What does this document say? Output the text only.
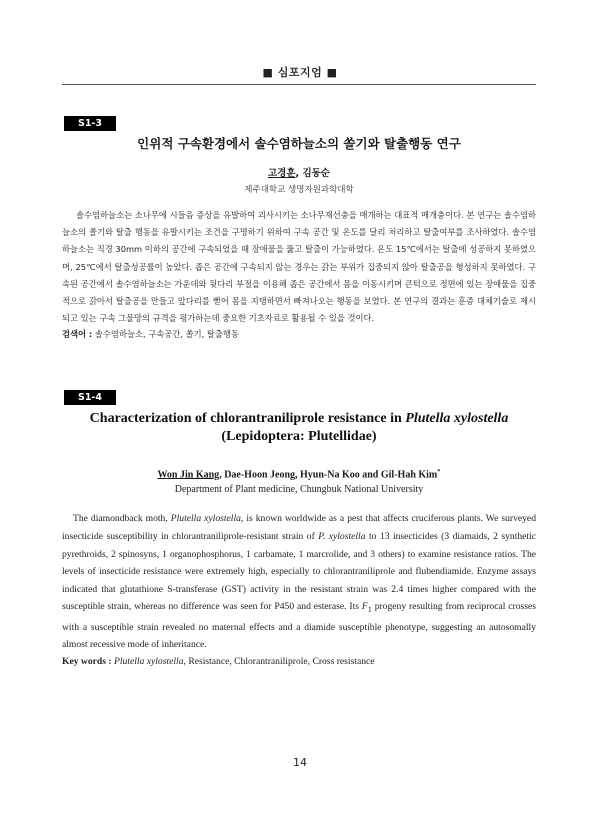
■ 심포지엄 ■
S1-3
인위적 구속환경에서 솔수염하늘소의 쏠기와 탈출행동 연구
고경훈, 김동순
제주대학교 생명자원과학대학
솔수염하늘소는 소나무에 시들음 증상을 유발하여 괴사시키는 소나무재선충을 매개하는 대표적 매개충이다. 본 연구는 솔수염하늘소의 쏠기와 탈출 행동을 유발시키는 조건을 구명하기 위하여 구속 공간 및 온도를 달리 처리하고 탈출여부를 조사하였다. 솔수염하늘소는 직경 30mm 이하의 공간에 구속되었을 때 장애물을 뚫고 탈출이 가능하였다. 온도 15℃에서는 탈출에 성공하지 못하였으며, 25℃에서 탈출성공률이 높았다. 좁은 공간에 구속되지 않는 경우는 갉는 부위가 집중되지 않아 탈출공을 형성하지 못하였다. 구속된 공간에서 솔수염하늘소는 가운데와 뒷다리 부절을 이용해 좁은 공간에서 몸을 이동시키며 큰턱으로 정면에 있는 장애물을 집중적으로 갉아서 탈출공을 만들고 앞다리를 뻗어 몸을 지탱하면서 빠져나오는 행동을 보였다. 본 연구의 결과는 훈증 대체기술로 제시되고 있는 구속 그물망의 규격을 평가하는데 중요한 기초자료로 활용될 수 있을 것이다.
검색어 : 솔수염하늘소, 구속공간, 쏠기, 탈출행동
S1-4
Characterization of chlorantraniliprole resistance in Plutella xylostella
(Lepidoptera: Plutellidae)
Won Jin Kang, Dae-Hoon Jeong, Hyun-Na Koo and Gil-Hah Kim*
Department of Plant medicine, Chungbuk National University
The diamondback moth, Plutella xylostella, is known worldwide as a pest that affects cruciferous plants. We surveyed insecticide susceptibility in chlorantraniliprole-resistant strain of P. xylostella to 13 insecticides (3 diamaids, 2 synthetic pyrethroids, 2 spinosyns, 1 organophosphorus, 1 carbamate, 1 marcrolide, and 3 others) to examine resistance ratios. The levels of insecticide resistance were extremely high, especially to chlorantraniliprole and flubendiamide. Enzyme assays indicated that glutathione S-transferase (GST) activity in the resistant strain was 2.4 times higher compared with the susceptible strain, whereas no difference was seen for P450 and esterase. Its $F_1$ progeny resulting from reciprocal crosses with a susceptible strain revealed no maternal effects and a diamide susceptible phenotype, suggesting an autosomally almost recessive mode of inheritance.
Key words : Plutella xylostella, Resistance, Chlorantraniliprole, Cross resistance
14
